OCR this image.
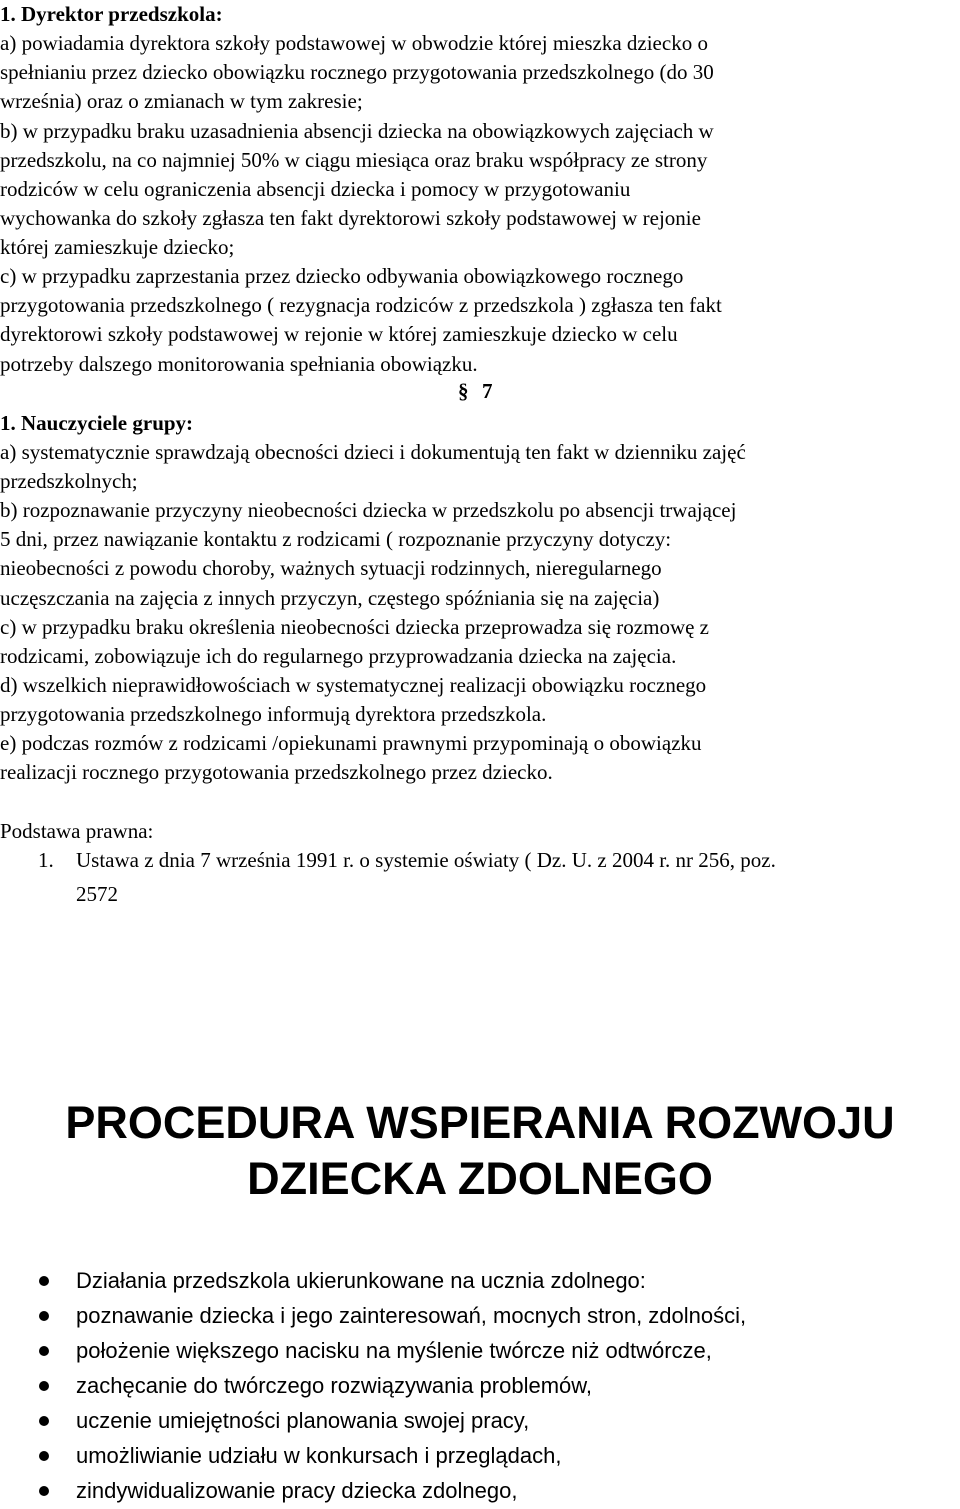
1. Dyrektor przedszkola:
a) powiadamia dyrektora szkoły podstawowej w obwodzie której mieszka dziecko o
spełnianiu przez dziecko obowiązku rocznego przygotowania przedszkolnego (do 30
września) oraz o zmianach w tym zakresie;
b) w przypadku braku uzasadnienia absencji dziecka na obowiązkowych zajęciach w
przedszkolu, na co najmniej 50% w ciągu miesiąca oraz braku współpracy ze strony
rodziców w celu ograniczenia absencji dziecka i pomocy w przygotowaniu
wychowanka do szkoły zgłasza ten fakt dyrektorowi szkoły podstawowej w rejonie
której zamieszkuje dziecko;
c) w przypadku zaprzestania przez dziecko odbywania obowiązkowego rocznego
przygotowania przedszkolnego ( rezygnacja rodziców z przedszkola ) zgłasza ten fakt
dyrektorowi szkoły podstawowej w rejonie w której zamieszkuje dziecko w celu
potrzeby dalszego monitorowania spełniania obowiązku.
§ 7
1. Nauczyciele grupy:
a) systematycznie sprawdzają obecności dzieci i dokumentują ten fakt w dzienniku zajęć
przedszkolnych;
b) rozpoznawanie przyczyny nieobecności dziecka w przedszkolu po absencji trwającej
5 dni, przez nawiązanie kontaktu z rodzicami ( rozpoznanie przyczyny dotyczy:
nieobecności z powodu choroby, ważnych sytuacji rodzinnych, nieregularnego
uczęszczania na zajęcia z innych przyczyn, częstego spóźniania się na zajęcia)
c) w przypadku braku określenia nieobecności dziecka przeprowadza się rozmowę z
rodzicami, zobowiązuje ich do regularnego przyprowadzania dziecka na zajęcia.
d) wszelkich nieprawidłowościach w systematycznej realizacji obowiązku rocznego
przygotowania przedszkolnego informują dyrektora przedszkola.
e) podczas rozmów z rodzicami /opiekunami prawnymi przypominają o obowiązku
realizacji rocznego przygotowania przedszkolnego przez dziecko.
Podstawa prawna:
1. Ustawa z dnia 7 września 1991 r. o systemie oświaty ( Dz. U. z 2004 r. nr 256, poz.
2572
PROCEDURA WSPIERANIA ROZWOJU
DZIECKA ZDOLNEGO
Działania przedszkola ukierunkowane na ucznia zdolnego:
poznawanie dziecka i jego zainteresowań, mocnych stron, zdolności,
położenie większego nacisku na myślenie twórcze niż odtwórcze,
zachęcanie do twórczego rozwiązywania problemów,
uczenie umiejętności planowania swojej pracy,
umożliwianie udziału w konkursach i przeglądach,
zindywidualizowanie pracy dziecka zdolnego,
